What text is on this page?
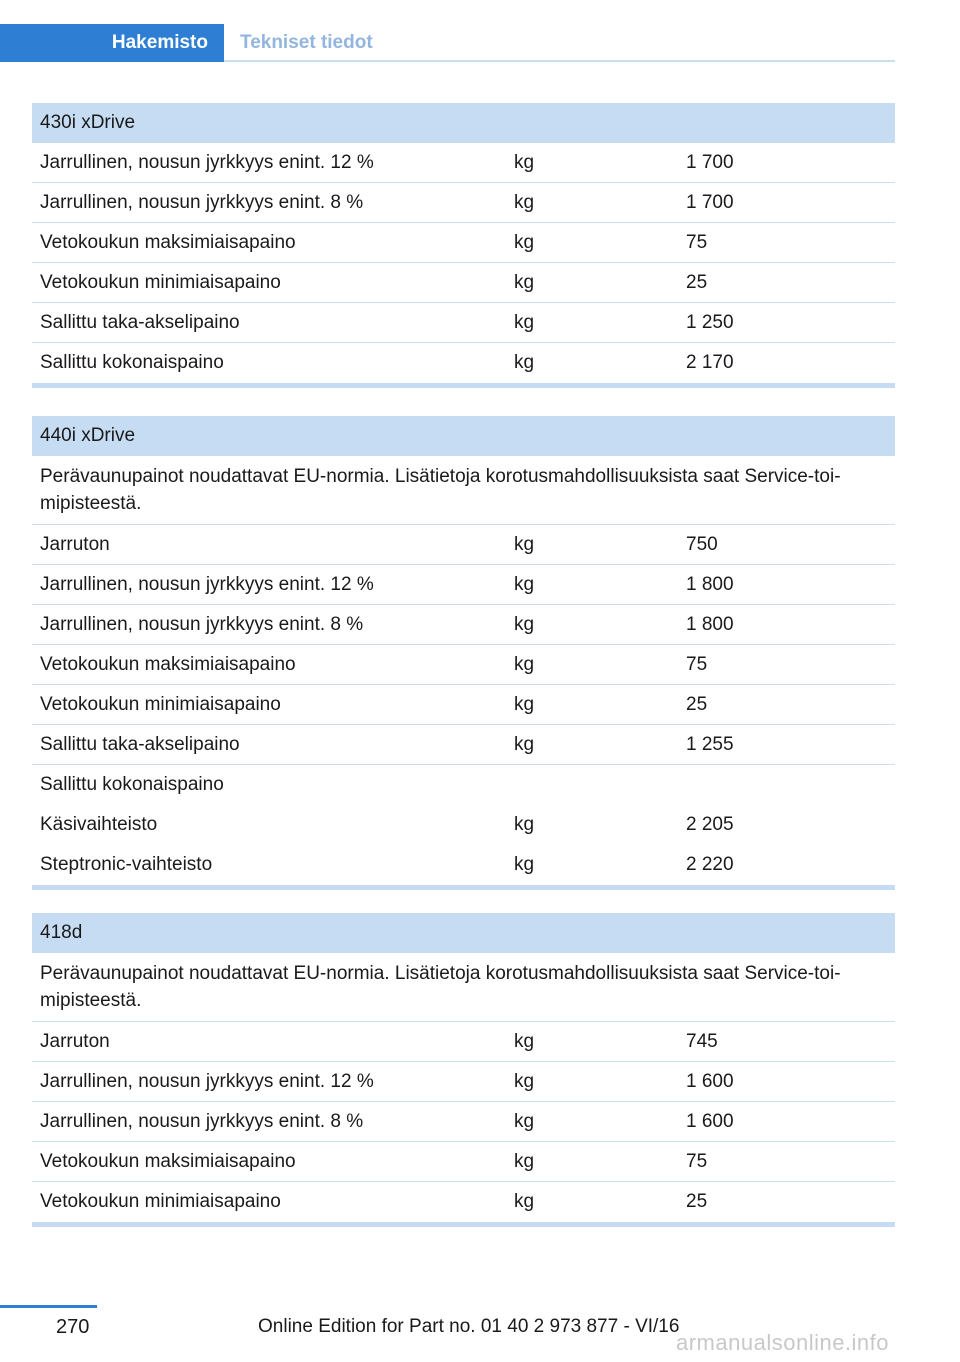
Hakemisto	Tekniset tiedot
430i xDrive
Jarrullinen, nousun jyrkkyys enint. 12 %	kg	1 700
Jarrullinen, nousun jyrkkyys enint. 8 %	kg	1 700
Vetokoukun maksimiaisapaino	kg	75
Vetokoukun minimiaisapaino	kg	25
Sallittu taka-akselipaino	kg	1 250
Sallittu kokonaispaino	kg	2 170
440i xDrive
Perävaunupainot noudattavat EU-normia. Lisätietoja korotusmahdollisuuksista saat Service-toi-mipisteestä.
Jarruton	kg	750
Jarrullinen, nousun jyrkkyys enint. 12 %	kg	1 800
Jarrullinen, nousun jyrkkyys enint. 8 %	kg	1 800
Vetokoukun maksimiaisapaino	kg	75
Vetokoukun minimiaisapaino	kg	25
Sallittu taka-akselipaino	kg	1 255
Sallittu kokonaispaino
Käsivaihteisto	kg	2 205
Steptronic-vaihteisto	kg	2 220
418d
Perävaunupainot noudattavat EU-normia. Lisätietoja korotusmahdollisuuksista saat Service-toi-mipisteestä.
Jarruton	kg	745
Jarrullinen, nousun jyrkkyys enint. 12 %	kg	1 600
Jarrullinen, nousun jyrkkyys enint. 8 %	kg	1 600
Vetokoukun maksimiaisapaino	kg	75
Vetokoukun minimiaisapaino	kg	25
270	Online Edition for Part no. 01 40 2 973 877 - VI/16
armanualsonline.info
